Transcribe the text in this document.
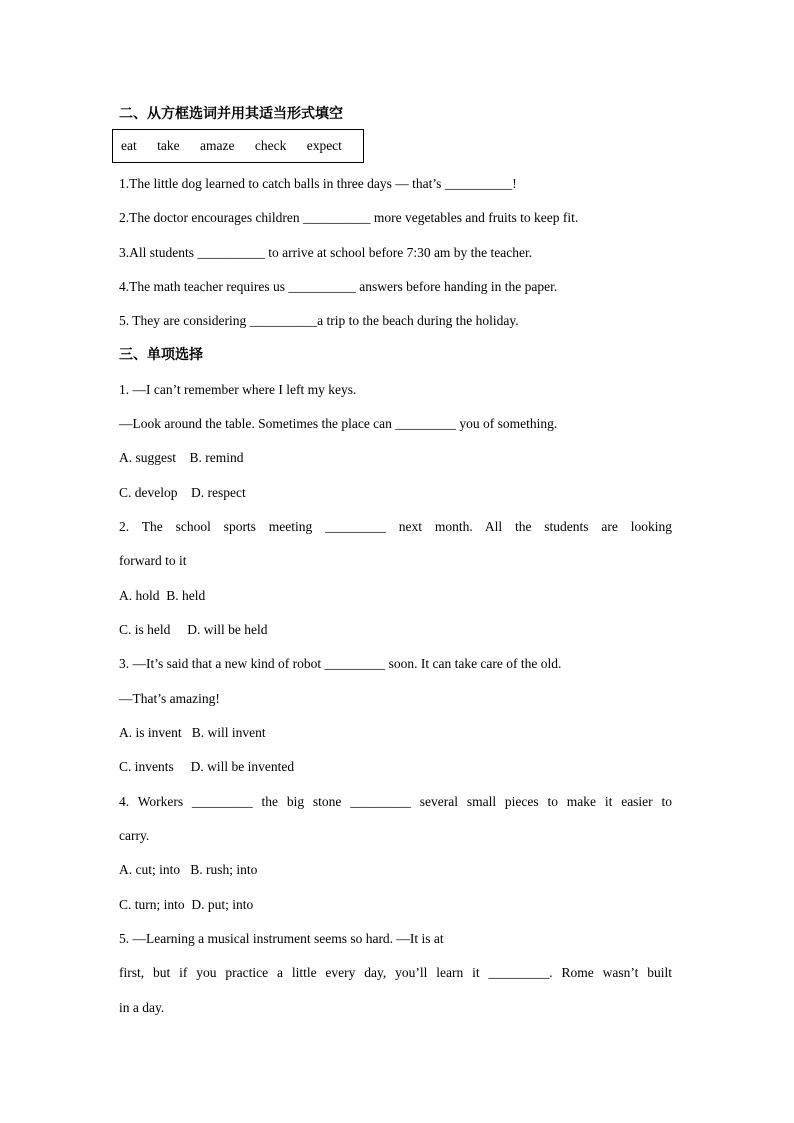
二、从方框选词并用其适当形式填空
eat take amaze check expect
1.The little dog learned to catch balls in three days — that’s __________!
2.The doctor encourages children __________ more vegetables and fruits to keep fit.
3.All students __________ to arrive at school before 7:30 am by the teacher.
4.The math teacher requires us __________ answers before handing in the paper.
5. They are considering __________a trip to the beach during the holiday.
三、单项选择
1. —I can’t remember where I left my keys.
—Look around the table. Sometimes the place can _________ you of something.
A. suggest    B. remind
C. develop    D. respect
2. The school sports meeting _________ next month. All the students are looking
forward to it
A. hold  B. held
C. is held     D. will be held
3. —It’s said that a new kind of robot _________ soon. It can take care of the old.
—That’s amazing!
A. is invent   B. will invent
C. invents     D. will be invented
4. Workers _________ the big stone _________ several small pieces to make it easier to
carry.
A. cut; into   B. rush; into
C. turn; into  D. put; into
5. —Learning a musical instrument seems so hard. —It is at
first, but if you practice a little every day, you’ll learn it _________. Rome wasn’t built
in a day.
